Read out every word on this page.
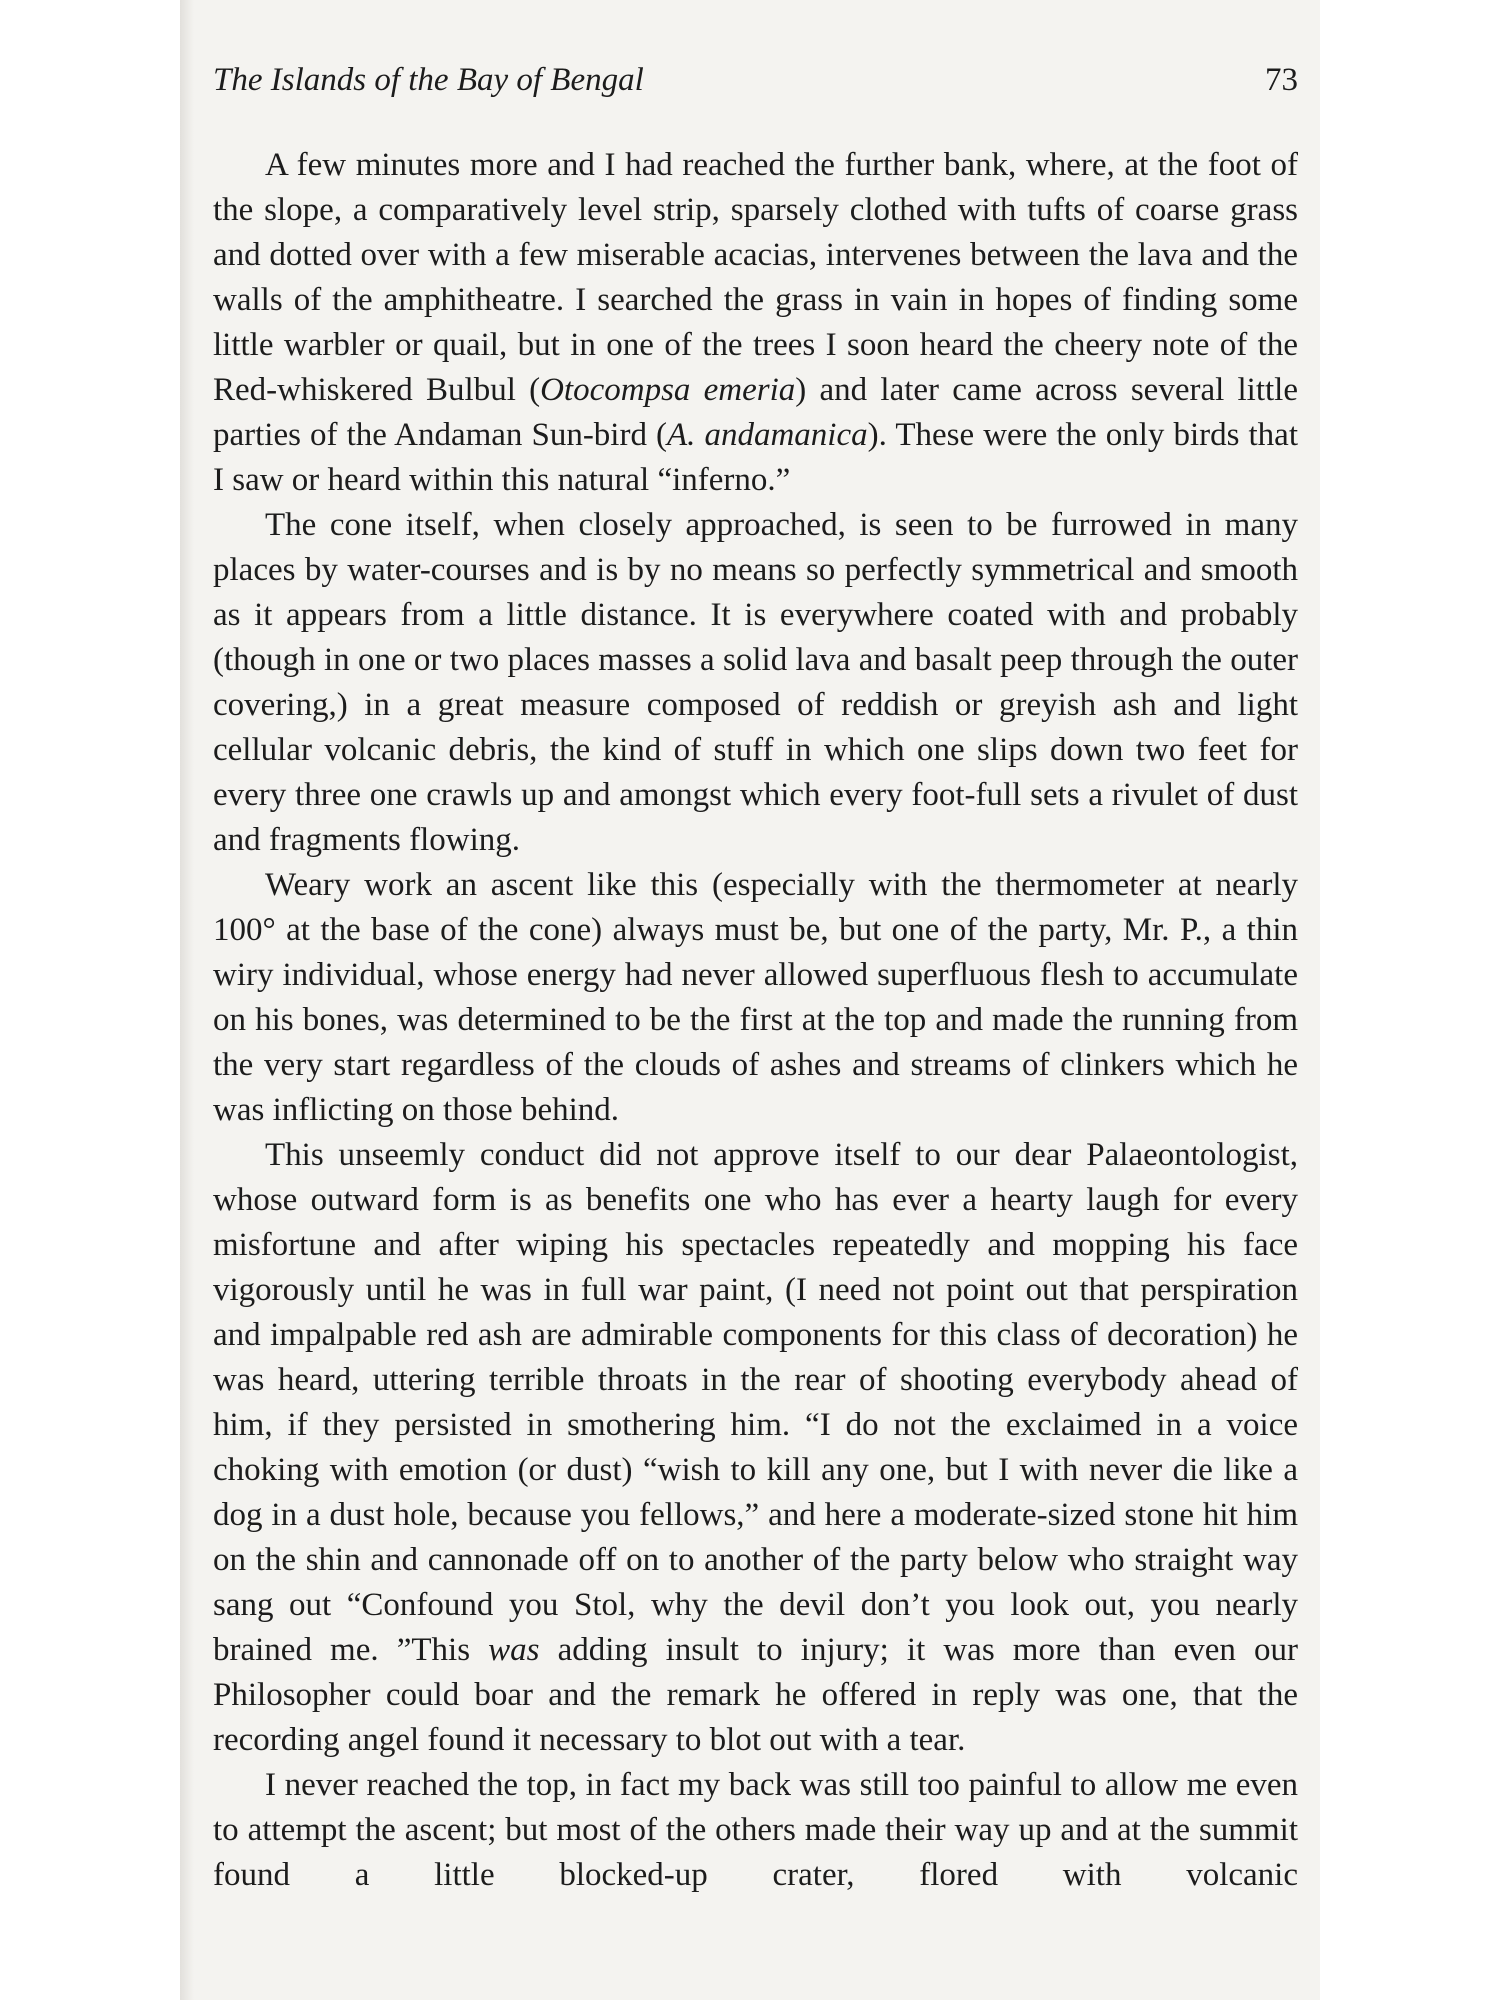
The Islands of the Bay of Bengal	73

A few minutes more and I had reached the further bank, where, at the foot of the slope, a comparatively level strip, sparsely clothed with tufts of coarse grass and dotted over with a few miserable acacias, intervenes between the lava and the walls of the amphitheatre. I searched the grass in vain in hopes of finding some little warbler or quail, but in one of the trees I soon heard the cheery note of the Red-whiskered Bulbul (Otocompsa emeria) and later came across several little parties of the Andaman Sun-bird (A. andamanica). These were the only birds that I saw or heard within this natural “inferno.”

The cone itself, when closely approached, is seen to be furrowed in many places by water-courses and is by no means so perfectly symmetrical and smooth as it appears from a little distance. It is everywhere coated with and probably (though in one or two places masses a solid lava and basalt peep through the outer covering,) in a great measure composed of reddish or greyish ash and light cellular volcanic debris, the kind of stuff in which one slips down two feet for every three one crawls up and amongst which every foot-full sets a rivulet of dust and fragments flowing.

Weary work an ascent like this (especially with the thermometer at nearly 100° at the base of the cone) always must be, but one of the party, Mr. P., a thin wiry individual, whose energy had never allowed superfluous flesh to accumulate on his bones, was determined to be the first at the top and made the running from the very start regardless of the clouds of ashes and streams of clinkers which he was inflicting on those behind.

This unseemly conduct did not approve itself to our dear Palaeontologist, whose outward form is as benefits one who has ever a hearty laugh for every misfortune and after wiping his spectacles repeatedly and mopping his face vigorously until he was in full war paint, (I need not point out that perspiration and impalpable red ash are admirable components for this class of decoration) he was heard, uttering terrible throats in the rear of shooting everybody ahead of him, if they persisted in smothering him. “I do not the exclaimed in a voice choking with emotion (or dust) “wish to kill any one, but I with never die like a dog in a dust hole, because you fellows,” and here a moderate-sized stone hit him on the shin and cannonade off on to another of the party below who straight way sang out “Confound you Stol, why the devil don’t you look out, you nearly brained me. ”This was adding insult to injury; it was more than even our Philosopher could boar and the remark he offered in reply was one, that the recording angel found it necessary to blot out with a tear.

I never reached the top, in fact my back was still too painful to allow me even to attempt the ascent; but most of the others made their way up and at the summit found a little blocked-up crater, flored with volcanic
